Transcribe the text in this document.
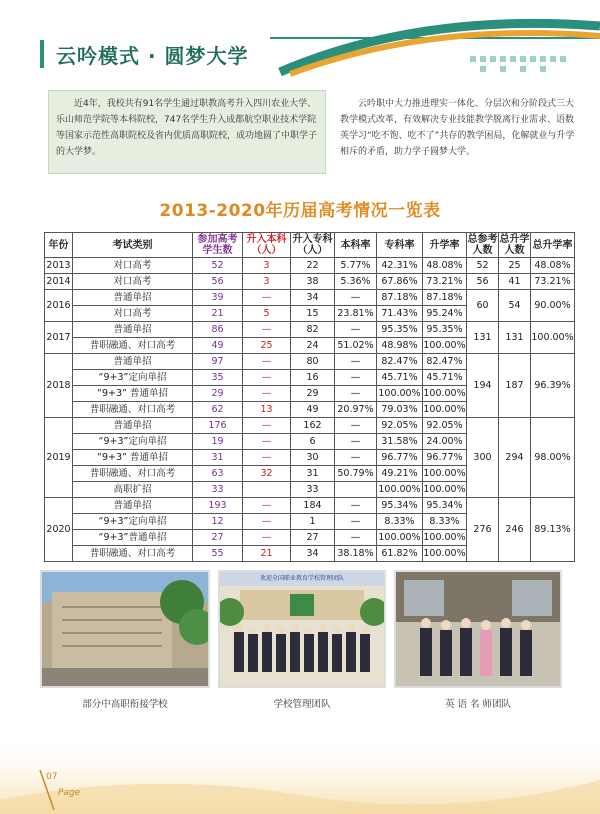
云吟模式 · 圆梦大学
近4年，我校共有91名学生通过职教高考升入四川农业大学、乐山师范学院等本科院校，747名学生升入成都航空职业技术学院等国家示范性高职院校及省内优质高职院校，成功地圆了中职学子的大学梦。
云吟职中大力推进理实一体化、分层次和分阶段式三大教学模式改革，有效解决专业技能教学脱离行业需求、语数英学习“吃不饱、吃不了”共存的教学困局，化解就业与升学相斥的矛盾，助力学子圆梦大学。
2013-2020年历届高考情况一览表
年份	考试类别	参加高考学生数	升入本科（人）	升入专科（人）	本科率	专科率	升学率	总参考人数	总升学人数	总升学率
2013	对口高考	52	3	22	5.77%	42.31%	48.08%	52	25	48.08%
2014	对口高考	56	3	38	5.36%	67.86%	73.21%	56	41	73.21%
2016	普通单招	39	—	34	—	87.18%	87.18%	60	54	90.00%
	对口高考	21	5	15	23.81%	71.43%	95.24%			
2017	普通单招	86	—	82	—	95.35%	95.35%	131	131	100.00%
	普职融通、对口高考	49	25	24	51.02%	48.98%	100.00%			
2018	普通单招	97	—	80	—	82.47%	82.47%	194	187	96.39%
	“9+3”定向单招	35	—	16	—	45.71%	45.71%			
	“9+3” 普通单招	29	—	29	—	100.00%	100.00%			
	普职融通、对口高考	62	13	49	20.97%	79.03%	100.00%			
2019	普通单招	176	—	162	—	92.05%	92.05%	300	294	98.00%
	“9+3”定向单招	19	—	6	—	31.58%	24.00%			
	“9+3” 普通单招	31	—	30	—	96.77%	96.77%			
	普职融通、对口高考	63	32	31	50.79%	49.21%	100.00%			
	高职扩招	33		33		100.00%	100.00%			
2020	普通单招	193	—	184	—	95.34%	95.34%	276	246	89.13%
	“9+3”定向单招	12	—	1	—	8.33%	8.33%			
	“9+3”普通单招	27	—	27	—	100.00%	100.00%			
	普职融通、对口高考	55	21	34	38.18%	61.82%	100.00%			
部分中高职衔接学校
欢迎全国职业教育学校管理团队
学校管理团队	英 语 名 师团队
07
Page
